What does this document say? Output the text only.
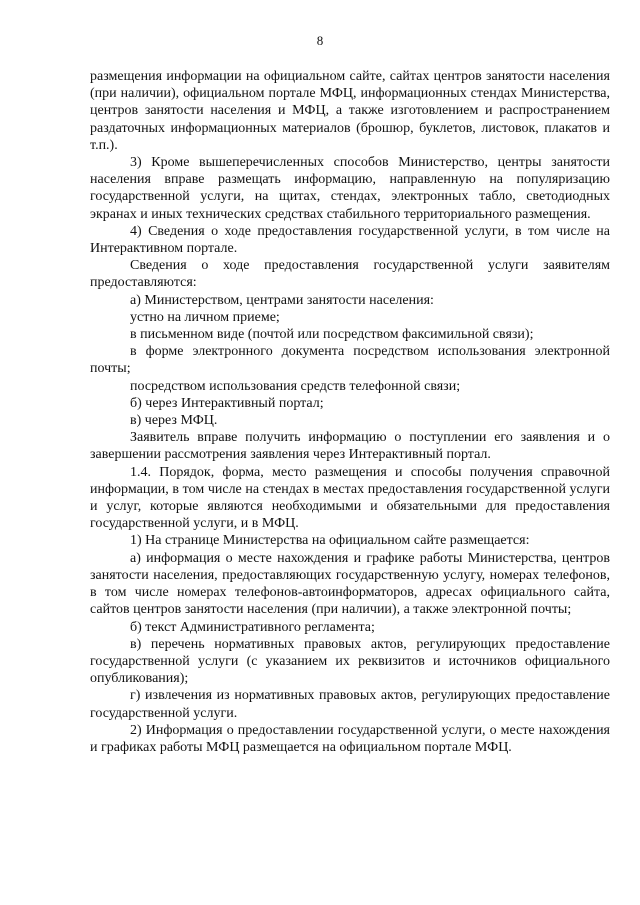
8

размещения информации на официальном сайте, сайтах центров занятости населения (при наличии), официальном портале МФЦ, информационных стендах Министерства, центров занятости населения и МФЦ, а также изготовлением и распространением раздаточных информационных материалов (брошюр, буклетов, листовок, плакатов и т.п.).

3) Кроме вышеперечисленных способов Министерство, центры занятости населения вправе размещать информацию, направленную на популяризацию государственной услуги, на щитах, стендах, электронных табло, светодиодных экранах и иных технических средствах стабильного территориального размещения.

4) Сведения о ходе предоставления государственной услуги, в том числе на Интерактивном портале.

Сведения о ходе предоставления государственной услуги заявителям предоставляются:

а) Министерством, центрами занятости населения:

устно на личном приеме;

в письменном виде (почтой или посредством факсимильной связи);

в форме электронного документа посредством использования электронной почты;

посредством использования средств телефонной связи;

б) через Интерактивный портал;

в) через МФЦ.

Заявитель вправе получить информацию о поступлении его заявления и о завершении рассмотрения заявления через Интерактивный портал.

1.4. Порядок, форма, место размещения и способы получения справочной информации, в том числе на стендах в местах предоставления государственной услуги и услуг, которые являются необходимыми и обязательными для предоставления государственной услуги, и в МФЦ.

1) На странице Министерства на официальном сайте размещается:

а) информация о месте нахождения и графике работы Министерства, центров занятости населения, предоставляющих государственную услугу, номерах телефонов, в том числе номерах телефонов-автоинформаторов, адресах официального сайта, сайтов центров занятости населения (при наличии), а также электронной почты;

б) текст Административного регламента;

в) перечень нормативных правовых актов, регулирующих предоставление государственной услуги (с указанием их реквизитов и источников официального опубликования);

г) извлечения из нормативных правовых актов, регулирующих предоставление государственной услуги.

2) Информация о предоставлении государственной услуги, о месте нахождения и графиках работы МФЦ размещается на официальном портале МФЦ.
